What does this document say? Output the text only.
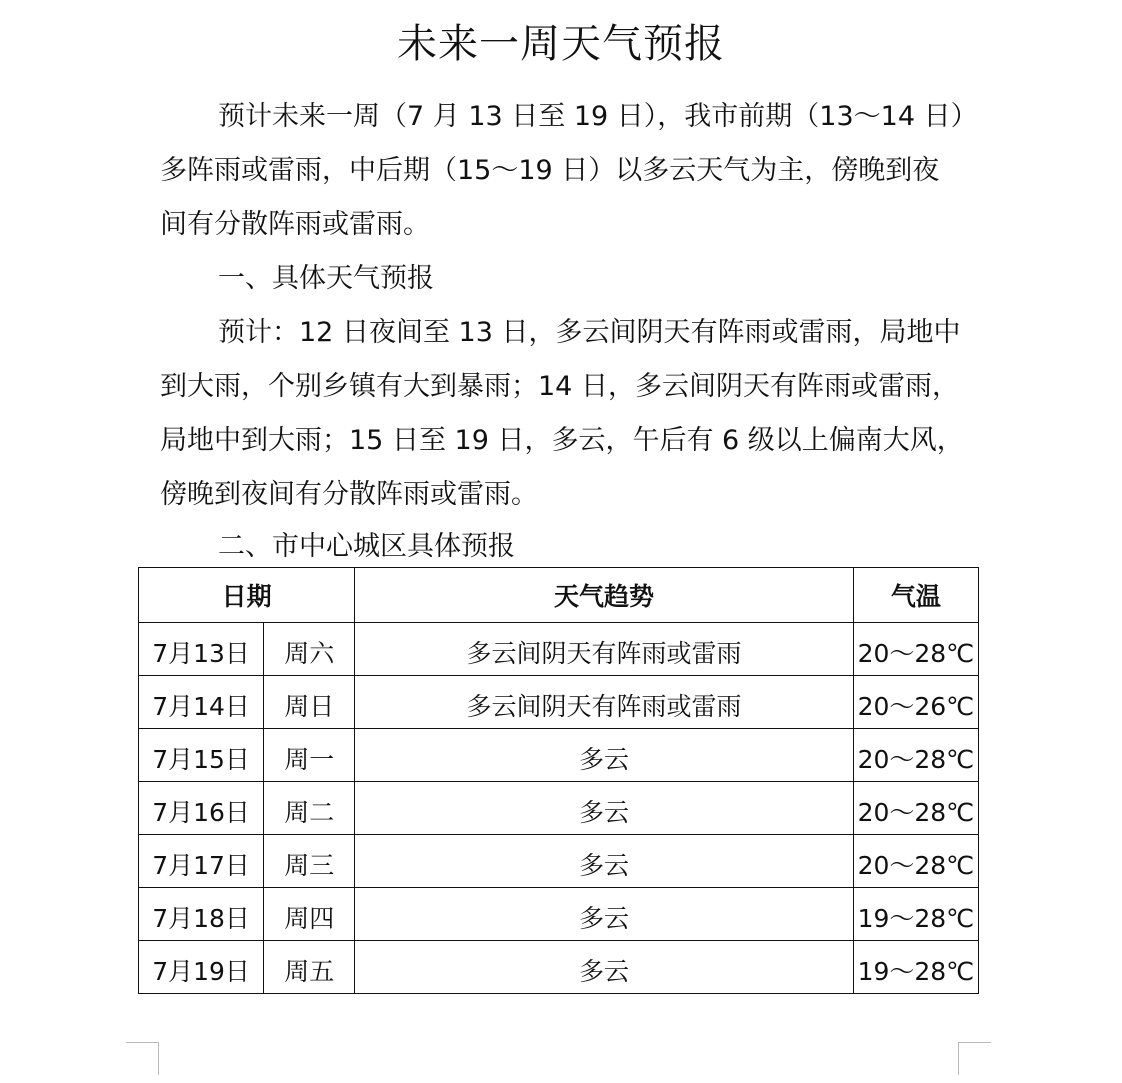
未来一周天气预报

预计未来一周（7 月 13 日至 19 日），我市前期（13～14 日）多阵雨或雷雨，中后期（15～19 日）以多云天气为主，傍晚到夜间有分散阵雨或雷雨。

一、具体天气预报

预计：12 日夜间至 13 日，多云间阴天有阵雨或雷雨，局地中到大雨，个别乡镇有大到暴雨；14 日，多云间阴天有阵雨或雷雨，局地中到大雨；15 日至 19 日，多云，午后有 6 级以上偏南大风，傍晚到夜间有分散阵雨或雷雨。

二、市中心城区具体预报

日期		天气趋势	气温
7月13日	周六	多云间阴天有阵雨或雷雨	20～28℃
7月14日	周日	多云间阴天有阵雨或雷雨	20～26℃
7月15日	周一	多云	20～28℃
7月16日	周二	多云	20～28℃
7月17日	周三	多云	20～28℃
7月18日	周四	多云	19～28℃
7月19日	周五	多云	19～28℃
